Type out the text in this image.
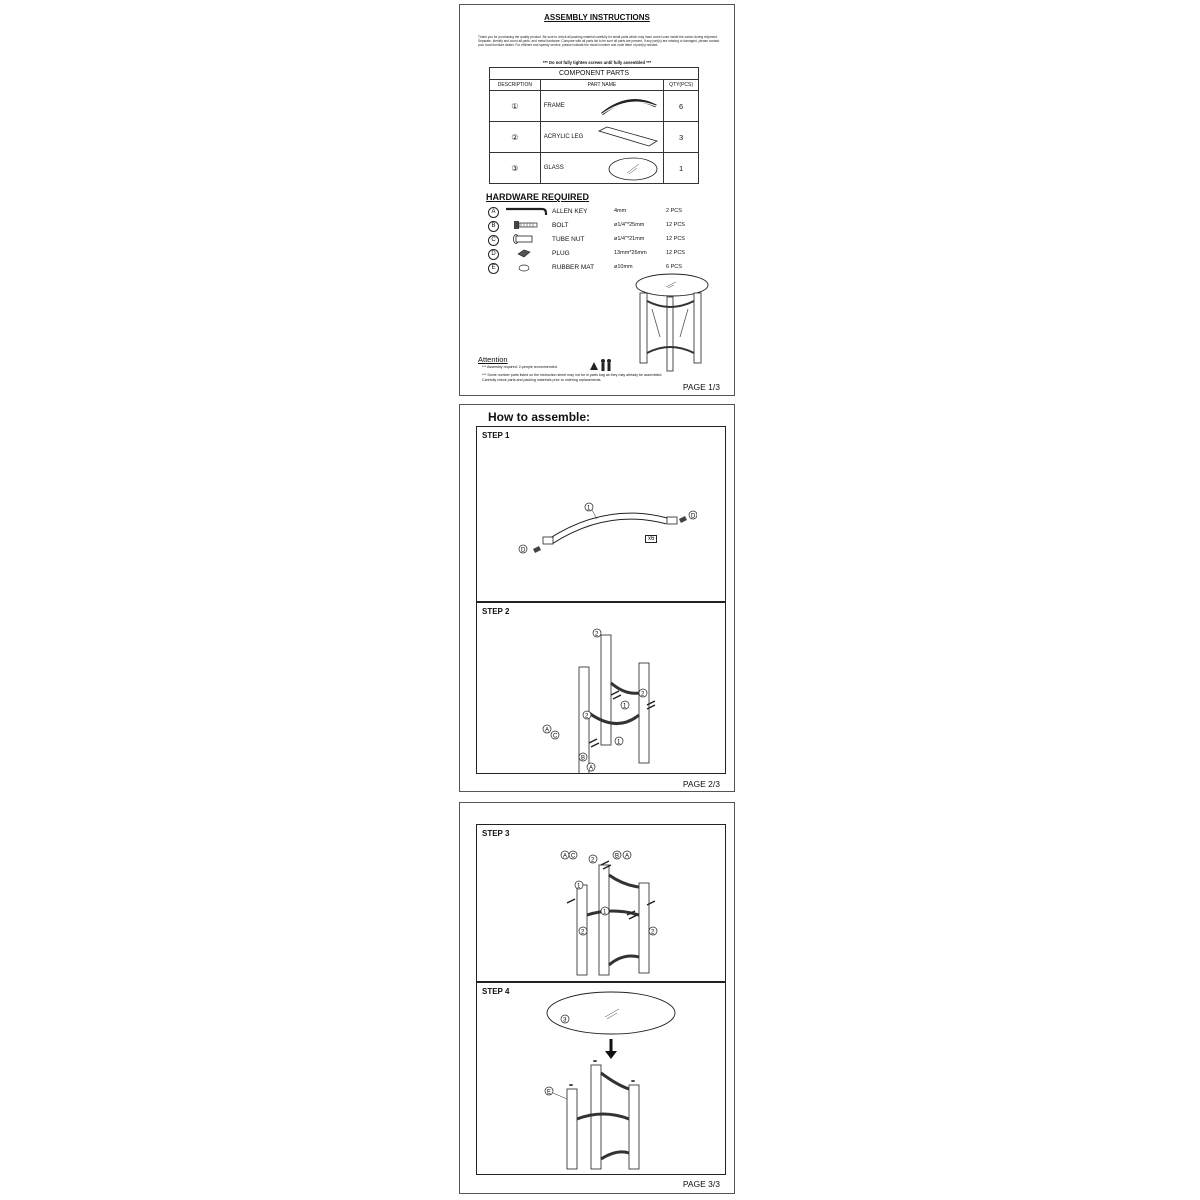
ASSEMBLY INSTRUCTIONS
Thank you for purchasing the quality product. Be sure to check all packing material carefully for small parts which may have come loose inside the carton during shipment. Separate, identify and count all parts, and metal hardware. Compare with all parts list to be sure all parts are present. If any part(s) are missing or damaged, please contact your local furniture dealer. For efficient and speedy service, please indicate the model number and code letter of part(s) needed.
*** Do not fully tighten screws until fully assembled ***
COMPONENT PARTS		
DESCRIPTION	PART NAME	QTY(PCS)
①	FRAME	6
②	ACRYLIC LEG	3
③	GLASS	1
HARDWARE REQUIRED
A	ALLEN KEY	4mm	2 PCS
B	BOLT	ø1/4"*25mm	12 PCS
C	TUBE NUT	ø1/4"*21mm	12 PCS
D	PLUG	13mm*26mm	12 PCS
E	RUBBER MAT	ø10mm	6 PCS
Attention
*** Assembly required: 2-people recommended.
*** Some number parts listed on the instruction sheet may not be in parts bag as they may already be assembled.
Carefully check parts and packing materials prior to ordering replacements.
PAGE 1/3
How to assemble:
STEP 1
D
D
1
x6
STEP 2
2
2
2
1
1
A
C
B
A
PAGE 2/3
STEP 3
A C
2
B A
1
1
2	2
STEP 4
3
E
PAGE 3/3
